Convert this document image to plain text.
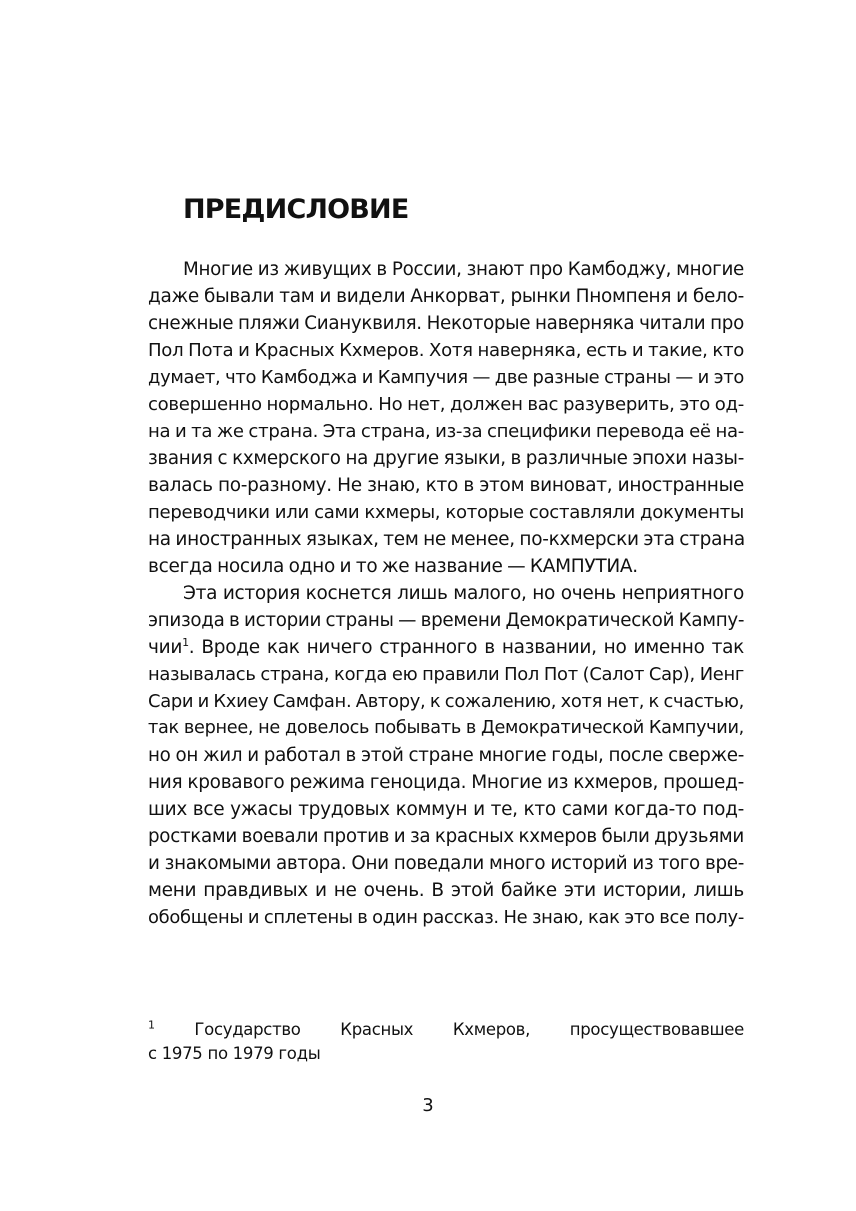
ПРЕДИСЛОВИЕ
Многие из живущих в России, знают про Камбоджу, многие
даже бывали там и видели Анкорват, рынки Пномпеня и бело-
снежные пляжи Сиануквиля. Некоторые наверняка читали про
Пол Пота и Красных Кхмеров. Хотя наверняка, есть и такие, кто
думает, что Камбоджа и Кампучия — две разные страны — и это
совершенно нормально. Но нет, должен вас разуверить, это од-
на и та же страна. Эта страна, из-за специфики перевода её на-
звания с кхмерского на другие языки, в различные эпохи назы-
валась по-разному. Не знаю, кто в этом виноват, иностранные
переводчики или сами кхмеры, которые составляли документы
на иностранных языках, тем не менее, по-кхмерски эта страна
всегда носила одно и то же название — КАМПУТИА.
Эта история коснется лишь малого, но очень неприятного
эпизода в истории страны — времени Демократической Кампу-
чии$^1$. Вроде как ничего странного в названии, но именно так
называлась страна, когда ею правили Пол Пот (Салот Сар), Иенг
Сари и Кхиеу Самфан. Автору, к сожалению, хотя нет, к счастью,
так вернее, не довелось побывать в Демократической Кампучии,
но он жил и работал в этой стране многие годы, после сверже-
ния кровавого режима геноцида. Многие из кхмеров, прошед-
ших все ужасы трудовых коммун и те, кто сами когда-то под-
ростками воевали против и за красных кхмеров были друзьями
и знакомыми автора. Они поведали много историй из того вре-
мени правдивых и не очень. В этой байке эти истории, лишь
обобщены и сплетены в один рассказ. Не знаю, как это все полу-
$^1$ Государство Красных Кхмеров, просуществовавшее
с 1975 по 1979 годы
3
